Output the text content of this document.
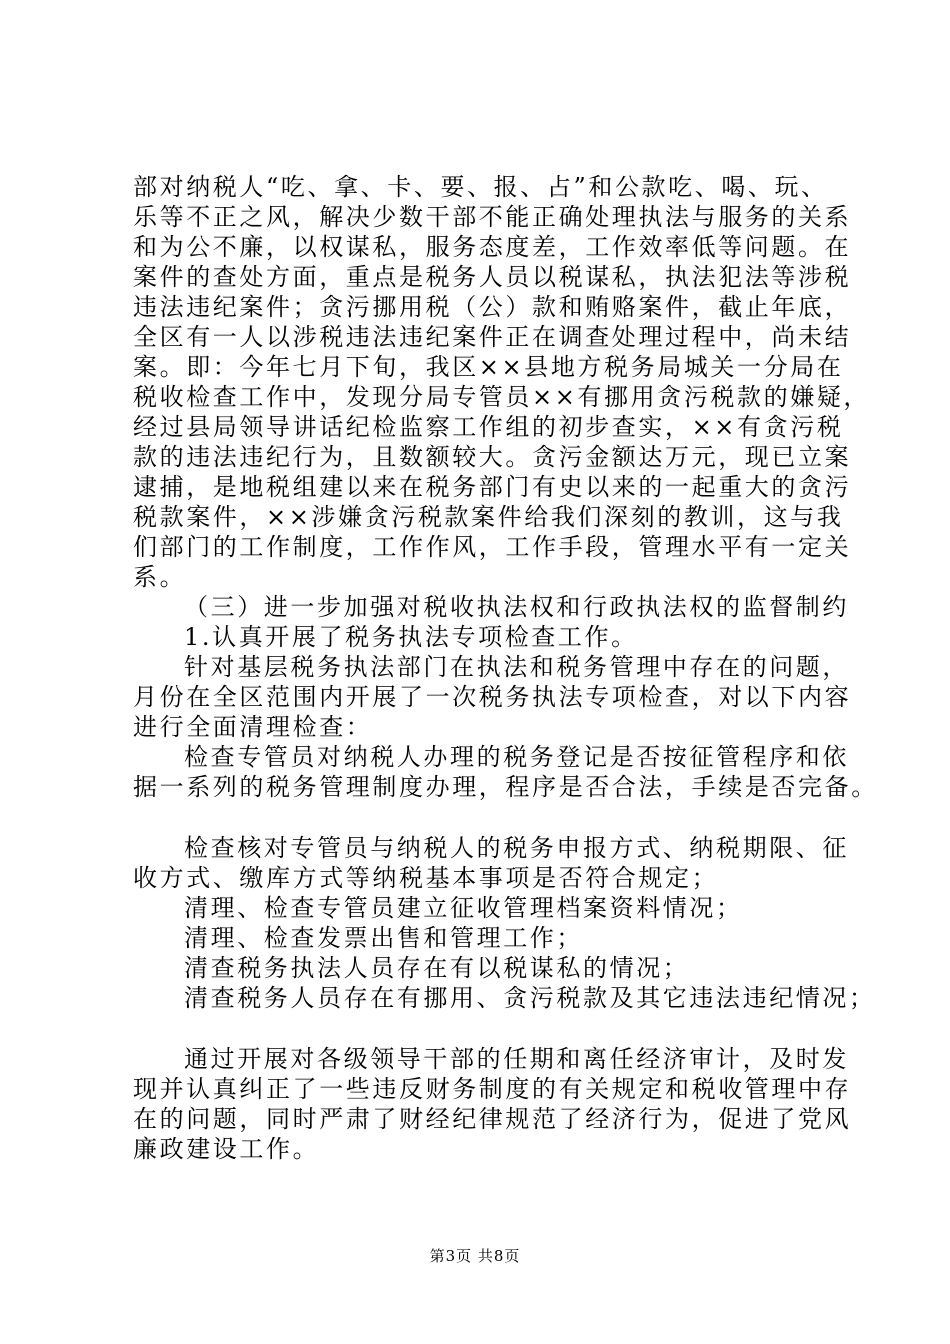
部对纳税人“吃、拿、卡、要、报、占”和公款吃、喝、玩、
乐等不正之风，解决少数干部不能正确处理执法与服务的关系
和为公不廉，以权谋私，服务态度差，工作效率低等问题。在
案件的查处方面，重点是税务人员以税谋私，执法犯法等涉税
违法违纪案件；贪污挪用税（公）款和贿赂案件，截止年底，
全区有一人以涉税违法违纪案件正在调查处理过程中，尚未结
案。即：今年七月下旬，我区××县地方税务局城关一分局在
税收检查工作中，发现分局专管员××有挪用贪污税款的嫌疑，
经过县局领导讲话纪检监察工作组的初步查实，××有贪污税
款的违法违纪行为，且数额较大。贪污金额达万元，现已立案
逮捕，是地税组建以来在税务部门有史以来的一起重大的贪污
税款案件，××涉嫌贪污税款案件给我们深刻的教训，这与我
们部门的工作制度，工作作风，工作手段，管理水平有一定关
系。
（三）进一步加强对税收执法权和行政执法权的监督制约
1.认真开展了税务执法专项检查工作。
针对基层税务执法部门在执法和税务管理中存在的问题，
月份在全区范围内开展了一次税务执法专项检查，对以下内容
进行全面清理检查：
检查专管员对纳税人办理的税务登记是否按征管程序和依
据一系列的税务管理制度办理，程序是否合法，手续是否完备。
检查核对专管员与纳税人的税务申报方式、纳税期限、征
收方式、缴库方式等纳税基本事项是否符合规定；
清理、检查专管员建立征收管理档案资料情况；
清理、检查发票出售和管理工作；
清查税务执法人员存在有以税谋私的情况；
清查税务人员存在有挪用、贪污税款及其它违法违纪情况；
通过开展对各级领导干部的任期和离任经济审计，及时发
现并认真纠正了一些违反财务制度的有关规定和税收管理中存
在的问题，同时严肃了财经纪律规范了经济行为，促进了党风
廉政建设工作。
第3页 共8页
